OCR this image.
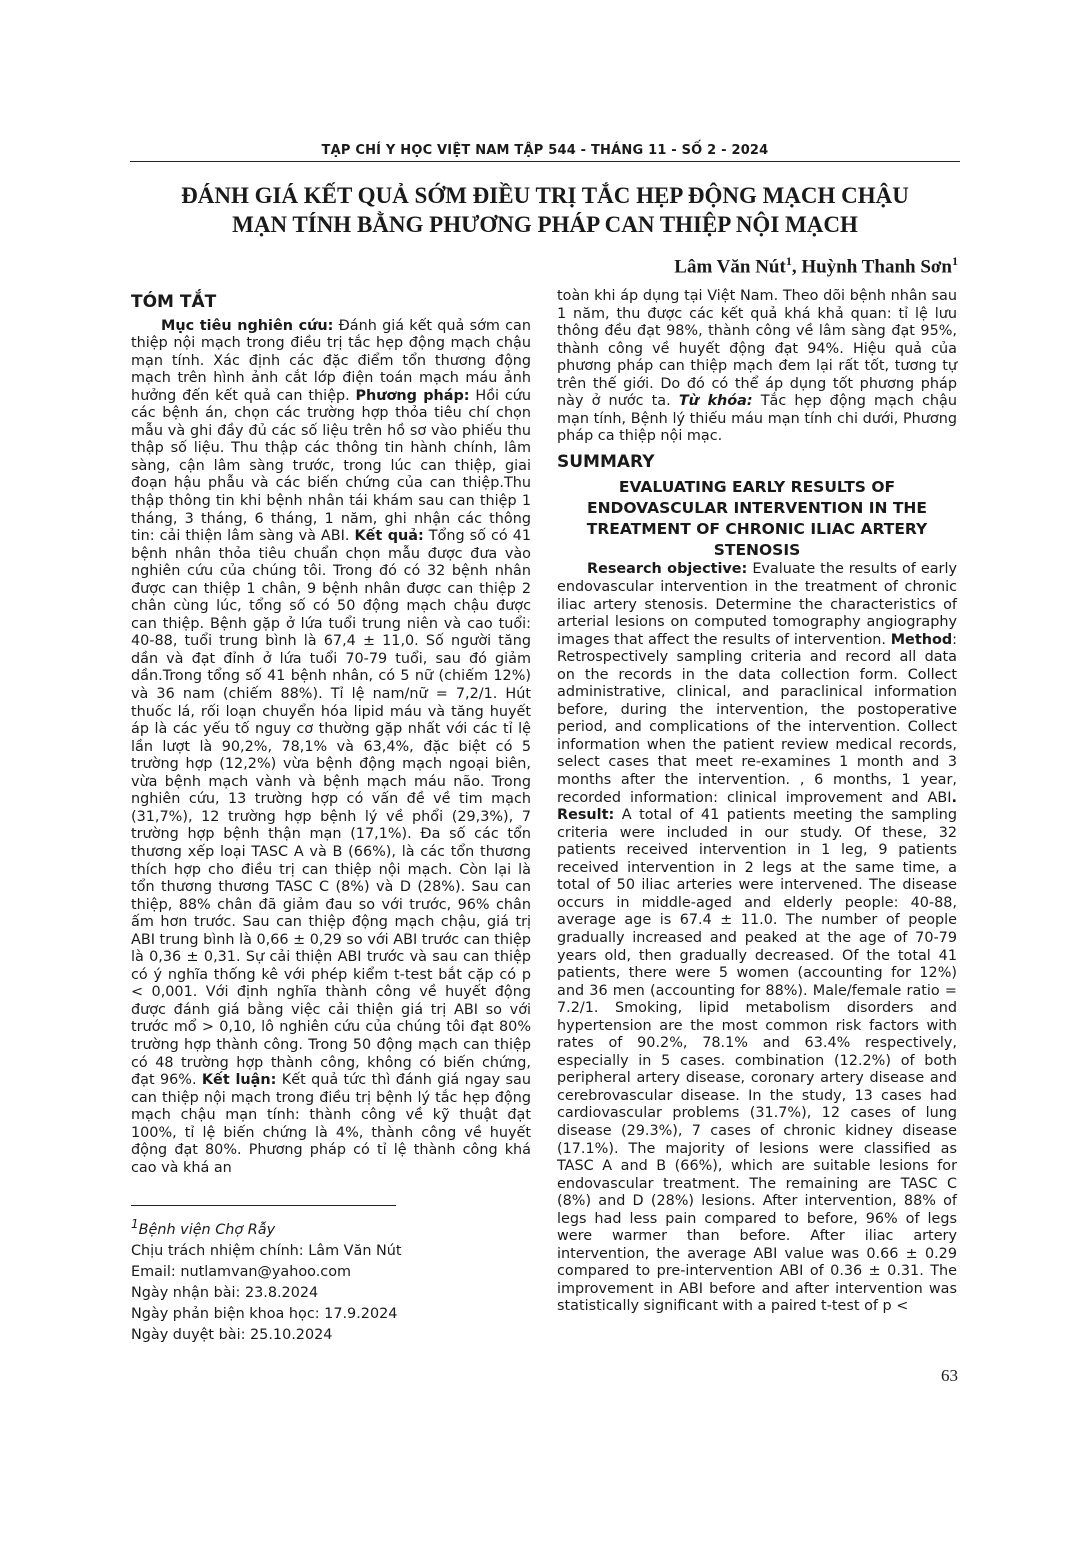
TẠP CHÍ Y HỌC VIỆT NAM TẬP 544 - THÁNG 11 - SỐ 2 - 2024
ĐÁNH GIÁ KẾT QUẢ SỚM ĐIỀU TRỊ TẮC HẸP ĐỘNG MẠCH CHẬU
MẠN TÍNH BẰNG PHƯƠNG PHÁP CAN THIỆP NỘI MẠCH
Lâm Văn Nút$^1$, Huỳnh Thanh Sơn$^1$
TÓM TẮT

Mục tiêu nghiên cứu: Đánh giá kết quả sớm can thiệp nội mạch trong điều trị tắc hẹp động mạch chậu mạn tính. Xác định các đặc điểm tổn thương động mạch trên hình ảnh cắt lớp điện toán mạch máu ảnh hưởng đến kết quả can thiệp. Phương pháp: Hồi cứu các bệnh án, chọn các trường hợp thỏa tiêu chí chọn mẫu và ghi đầy đủ các số liệu trên hồ sơ vào phiếu thu thập số liệu. Thu thập các thông tin hành chính, lâm sàng, cận lâm sàng trước, trong lúc can thiệp, giai đoạn hậu phẫu và các biến chứng của can thiệp.Thu thập thông tin khi bệnh nhân tái khám sau can thiệp 1 tháng, 3 tháng, 6 tháng, 1 năm, ghi nhận các thông tin: cải thiện lâm sàng và ABI. Kết quả: Tổng số có 41 bệnh nhân thỏa tiêu chuẩn chọn mẫu được đưa vào nghiên cứu của chúng tôi. Trong đó có 32 bệnh nhân được can thiệp 1 chân, 9 bệnh nhân được can thiệp 2 chân cùng lúc, tổng số có 50 động mạch chậu được can thiệp. Bệnh gặp ở lứa tuổi trung niên và cao tuổi: 40-88, tuổi trung bình là 67,4 ± 11,0. Số người tăng dần và đạt đỉnh ở lứa tuổi 70-79 tuổi, sau đó giảm dần.Trong tổng số 41 bệnh nhân, có 5 nữ (chiếm 12%) và 36 nam (chiếm 88%). Tỉ lệ nam/nữ = 7,2/1. Hút thuốc lá, rối loạn chuyển hóa lipid máu và tăng huyết áp là các yếu tố nguy cơ thường gặp nhất với các tỉ lệ lần lượt là 90,2%, 78,1% và 63,4%, đặc biệt có 5 trường hợp (12,2%) vừa bệnh động mạch ngoại biên, vừa bệnh mạch vành và bệnh mạch máu não. Trong nghiên cứu, 13 trường hợp có vấn đề về tim mạch (31,7%), 12 trường hợp bệnh lý về phổi (29,3%), 7 trường hợp bệnh thận mạn (17,1%). Đa số các tổn thương xếp loại TASC A và B (66%), là các tổn thương thích hợp cho điều trị can thiệp nội mạch. Còn lại là tổn thương thương TASC C (8%) và D (28%). Sau can thiệp, 88% chân đã giảm đau so với trước, 96% chân ấm hơn trước. Sau can thiệp động mạch chậu, giá trị ABI trung bình là 0,66 ± 0,29 so với ABI trước can thiệp là 0,36 ± 0,31. Sự cải thiện ABI trước và sau can thiệp có ý nghĩa thống kê với phép kiểm t-test bắt cặp có p < 0,001. Với định nghĩa thành công về huyết động được đánh giá bằng việc cải thiện giá trị ABI so với trước mổ > 0,10, lô nghiên cứu của chúng tôi đạt 80% trường hợp thành công. Trong 50 động mạch can thiệp có 48 trường hợp thành công, không có biến chứng, đạt 96%. Kết luận: Kết quả tức thì đánh giá ngay sau can thiệp nội mạch trong điều trị bệnh lý tắc hẹp động mạch chậu mạn tính: thành công về kỹ thuật đạt 100%, tỉ lệ biến chứng là 4%, thành công về huyết động đạt 80%. Phương pháp có tỉ lệ thành công khá cao và khá an

$^1$Bệnh viện Chợ Rẫy

Chịu trách nhiệm chính: Lâm Văn Nút

Email: nutlamvan@yahoo.com

Ngày nhận bài: 23.8.2024

Ngày phản biện khoa học: 17.9.2024

Ngày duyệt bài: 25.10.2024

toàn khi áp dụng tại Việt Nam. Theo dõi bệnh nhân sau 1 năm, thu được các kết quả khá khả quan: tỉ lệ lưu thông đều đạt 98%, thành công về lâm sàng đạt 95%, thành công về huyết động đạt 94%. Hiệu quả của phương pháp can thiệp mạch đem lại rất tốt, tương tự trên thế giới. Do đó có thể áp dụng tốt phương pháp này ở nước ta. Từ khóa: Tắc hẹp động mạch chậu mạn tính, Bệnh lý thiếu máu mạn tính chi dưới, Phương pháp ca thiệp nội mạc.

SUMMARY
EVALUATING EARLY RESULTS OF ENDOVASCULAR INTERVENTION IN THE TREATMENT OF CHRONIC ILIAC ARTERY STENOSIS

Research objective: Evaluate the results of early endovascular intervention in the treatment of chronic iliac artery stenosis. Determine the characteristics of arterial lesions on computed tomography angiography images that affect the results of intervention. Method: Retrospectively sampling criteria and record all data on the records in the data collection form. Collect administrative, clinical, and paraclinical information before, during the intervention, the postoperative period, and complications of the intervention. Collect information when the patient review medical records, select cases that meet re-examines 1 month and 3 months after the intervention. , 6 months, 1 year, recorded information: clinical improvement and ABI. Result: A total of 41 patients meeting the sampling criteria were included in our study. Of these, 32 patients received intervention in 1 leg, 9 patients received intervention in 2 legs at the same time, a total of 50 iliac arteries were intervened. The disease occurs in middle-aged and elderly people: 40-88, average age is 67.4 ± 11.0. The number of people gradually increased and peaked at the age of 70-79 years old, then gradually decreased. Of the total 41 patients, there were 5 women (accounting for 12%) and 36 men (accounting for 88%). Male/female ratio = 7.2/1. Smoking, lipid metabolism disorders and hypertension are the most common risk factors with rates of 90.2%, 78.1% and 63.4% respectively, especially in 5 cases. combination (12.2%) of both peripheral artery disease, coronary artery disease and cerebrovascular disease. In the study, 13 cases had cardiovascular problems (31.7%), 12 cases of lung disease (29.3%), 7 cases of chronic kidney disease (17.1%). The majority of lesions were classified as TASC A and B (66%), which are suitable lesions for endovascular treatment. The remaining are TASC C (8%) and D (28%) lesions. After intervention, 88% of legs had less pain compared to before, 96% of legs were warmer than before. After iliac artery intervention, the average ABI value was 0.66 ± 0.29 compared to pre-intervention ABI of 0.36 ± 0.31. The improvement in ABI before and after intervention was statistically significant with a paired t-test of p <

63
